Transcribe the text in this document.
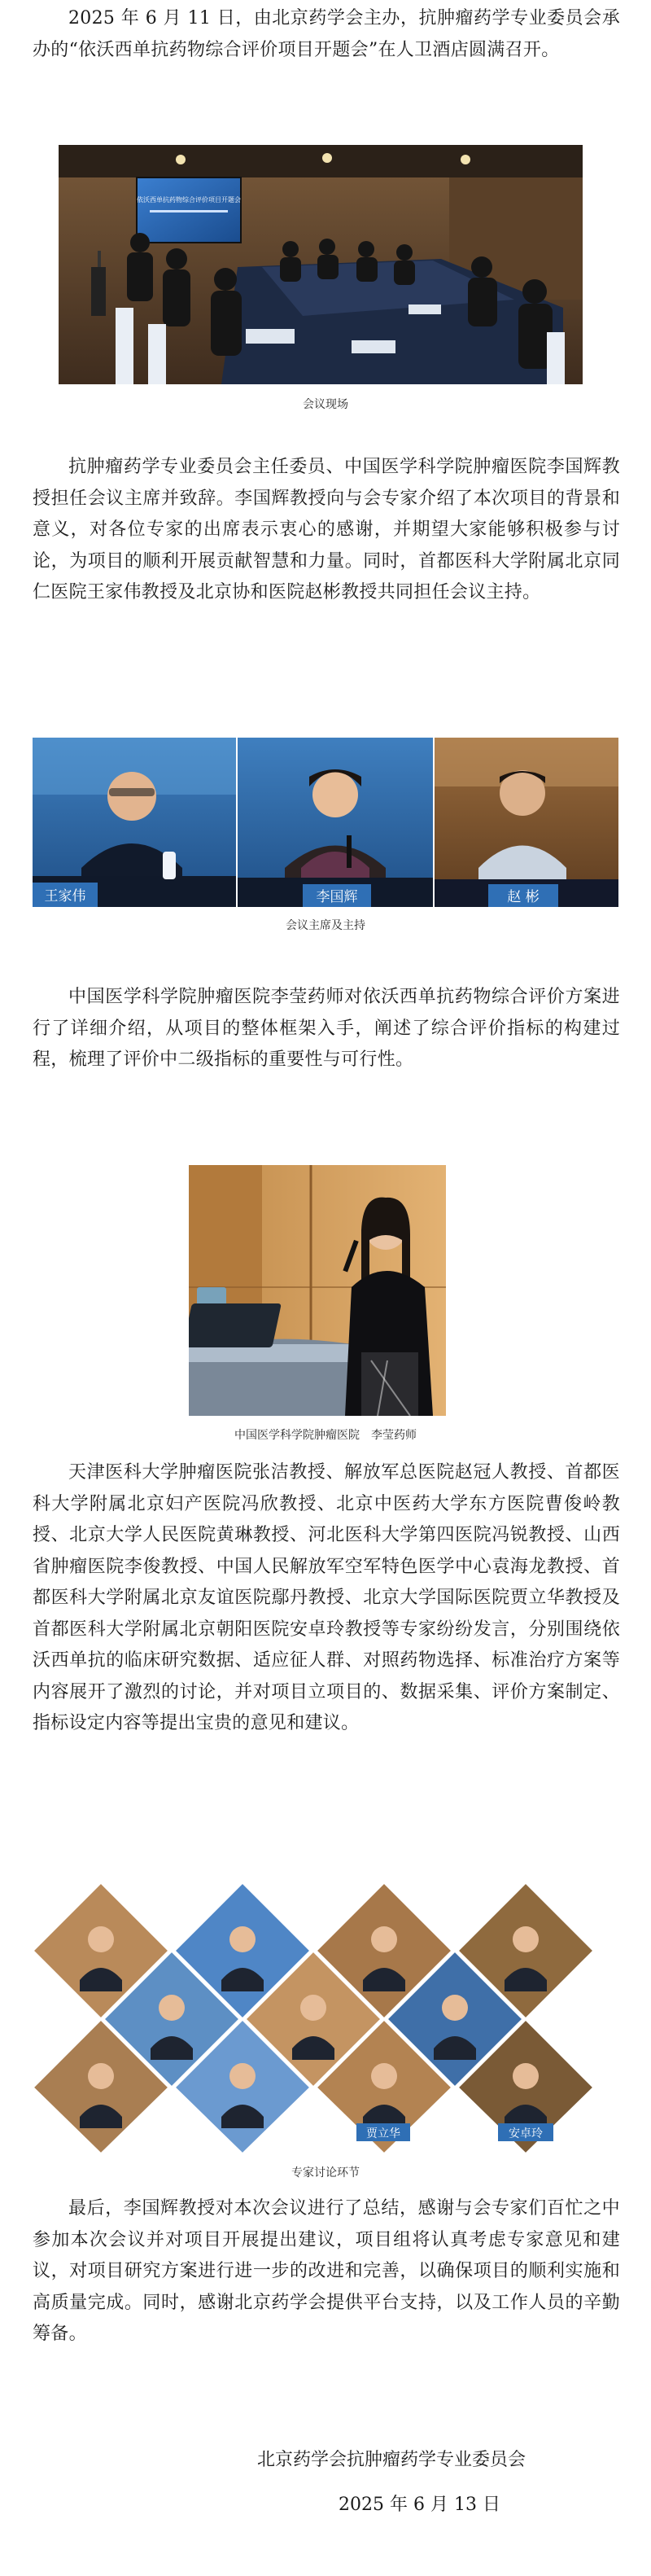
2025 年 6 月 11 日，由北京药学会主办，抗肿瘤药学专业委员会承办的“依沃西单抗药物综合评价项目开题会”在人卫酒店圆满召开。

依沃西单抗药物综合评价项目开题会

会议现场

抗肿瘤药学专业委员会主任委员、中国医学科学院肿瘤医院李国辉教授担任会议主席并致辞。李国辉教授向与会专家介绍了本次项目的背景和意义，对各位专家的出席表示衷心的感谢，并期望大家能够积极参与讨论，为项目的顺利开展贡献智慧和力量。同时，首都医科大学附属北京同仁医院王家伟教授及北京协和医院赵彬教授共同担任会议主持。

王家伟	李国辉	赵 彬

会议主席及主持

中国医学科学院肿瘤医院李莹药师对依沃西单抗药物综合评价方案进行了详细介绍，从项目的整体框架入手，阐述了综合评价指标的构建过程，梳理了评价中二级指标的重要性与可行性。

中国医学科学院肿瘤医院　李莹药师

天津医科大学肿瘤医院张洁教授、解放军总医院赵冠人教授、首都医科大学附属北京妇产医院冯欣教授、北京中医药大学东方医院曹俊岭教授、北京大学人民医院黄琳教授、河北医科大学第四医院冯锐教授、山西省肿瘤医院李俊教授、中国人民解放军空军特色医学中心袁海龙教授、首都医科大学附属北京友谊医院鄢丹教授、北京大学国际医院贾立华教授及首都医科大学附属北京朝阳医院安卓玲教授等专家纷纷发言，分别围绕依沃西单抗的临床研究数据、适应征人群、对照药物选择、标准治疗方案等内容展开了激烈的讨论，并对项目立项目的、数据采集、评价方案制定、指标设定内容等提出宝贵的意见和建议。

贾立华	安卓玲

专家讨论环节

最后，李国辉教授对本次会议进行了总结，感谢与会专家们百忙之中参加本次会议并对项目开展提出建议，项目组将认真考虑专家意见和建议，对项目研究方案进行进一步的改进和完善，以确保项目的顺利实施和高质量完成。同时，感谢北京药学会提供平台支持，以及工作人员的辛勤筹备。

北京药学会抗肿瘤药学专业委员会

2025 年 6 月 13 日
